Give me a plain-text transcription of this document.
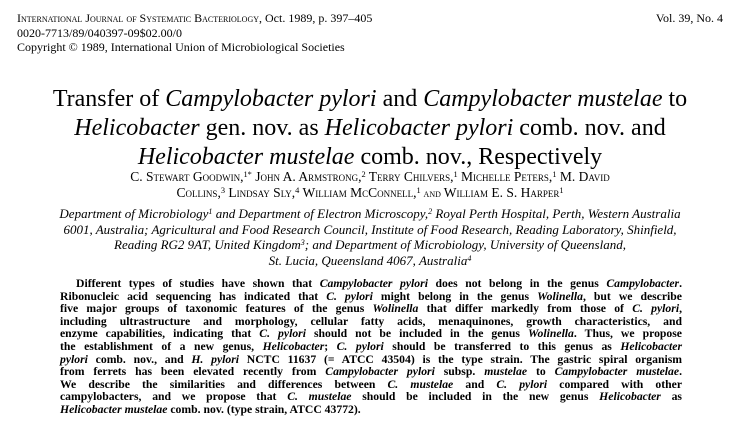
International Journal of Systematic Bacteriology, Oct. 1989, p. 397–405
0020-7713/89/040397-09$02.00/0
Copyright © 1989, International Union of Microbiological Societies
Vol. 39, No. 4
Transfer of Campylobacter pylori and Campylobacter mustelae to
Helicobacter gen. nov. as Helicobacter pylori comb. nov. and
Helicobacter mustelae comb. nov., Respectively
C. Stewart Goodwin,$^{1*}$ John A. Armstrong,$^2$ Terry Chilvers,$^1$ Michelle Peters,$^1$ M. David
Collins,$^3$ Lindsay Sly,$^4$ William McConnell,$^1$ and William E. S. Harper$^1$
Department of Microbiology$^1$ and Department of Electron Microscopy,$^2$ Royal Perth Hospital, Perth, Western Australia
6001, Australia; Agricultural and Food Research Council, Institute of Food Research, Reading Laboratory, Shinfield,
Reading RG2 9AT, United Kingdom$^3$; and Department of Microbiology, University of Queensland,
St. Lucia, Queensland 4067, Australia$^4$
Different types of studies have shown that Campylobacter pylori does not belong in the genus Campylobacter.
Ribonucleic acid sequencing has indicated that C. pylori might belong in the genus Wolinella, but we describe
five major groups of taxonomic features of the genus Wolinella that differ markedly from those of C. pylori,
including ultrastructure and morphology, cellular fatty acids, menaquinones, growth characteristics, and
enzyme capabilities, indicating that C. pylori should not be included in the genus Wolinella. Thus, we propose
the establishment of a new genus, Helicobacter; C. pylori should be transferred to this genus as Helicobacter
pylori comb. nov., and H. pylori NCTC 11637 (= ATCC 43504) is the type strain. The gastric spiral organism
from ferrets has been elevated recently from Campylobacter pylori subsp. mustelae to Campylobacter mustelae.
We describe the similarities and differences between C. mustelae and C. pylori compared with other
campylobacters, and we propose that C. mustelae should be included in the new genus Helicobacter as
Helicobacter mustelae comb. nov. (type strain, ATCC 43772).
